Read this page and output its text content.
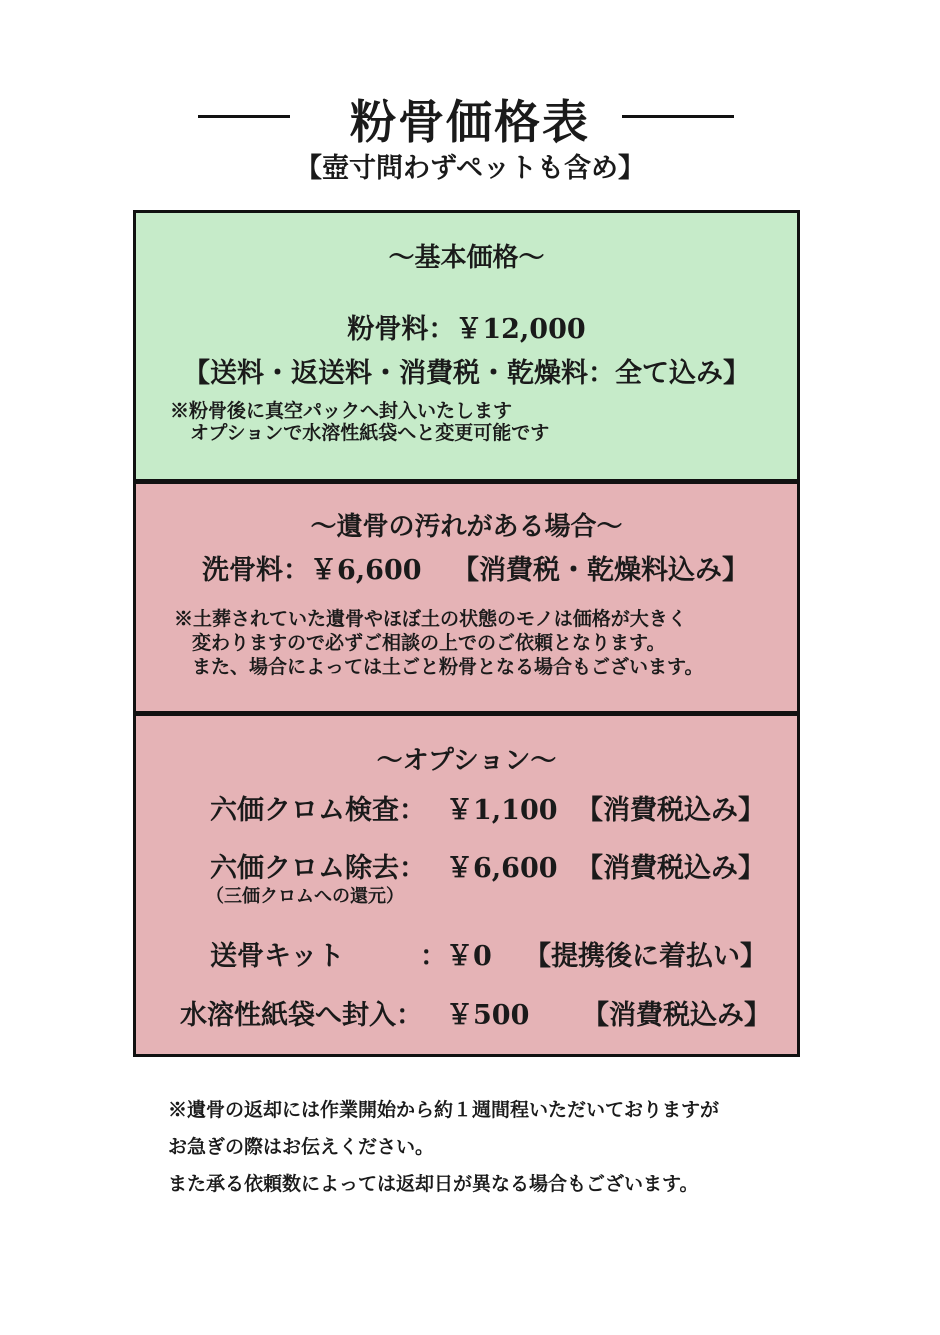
粉骨価格表
【壺寸問わずペットも含め】
〜基本価格〜
粉骨料：￥12,000
【送料・返送料・消費税・乾燥料：全て込み】
※粉骨後に真空パックへ封入いたします
オプションで水溶性紙袋へと変更可能です
〜遺骨の汚れがある場合〜
洗骨料：￥6,600 【消費税・乾燥料込み】
※土葬されていた遺骨やほぼ土の状態のモノは価格が大きく
変わりますので必ずご相談の上でのご依頼となります。
また、場合によっては土ごと粉骨となる場合もございます。
〜オプション〜
六価クロム検査： ￥1,100 【消費税込み】
六価クロム除去： ￥6,600 【消費税込み】
（三価クロムへの還元）
送骨キット	： ￥0 【提携後に着払い】
水溶性紙袋へ封入： ￥500 【消費税込み】
※遺骨の返却には作業開始から約１週間程いただいておりますが
お急ぎの際はお伝えください。
また承る依頼数によっては返却日が異なる場合もございます。
